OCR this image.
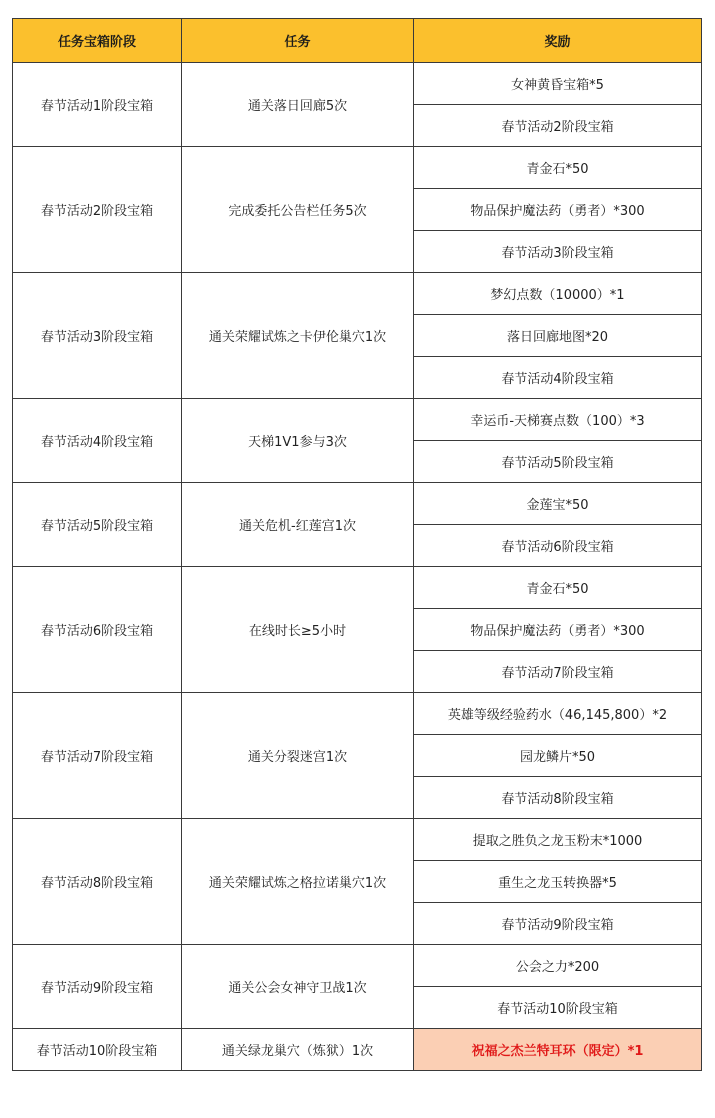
任务宝箱阶段	任务	奖励
春节活动1阶段宝箱	通关落日回廊5次	女神黄昏宝箱*5
		春节活动2阶段宝箱
春节活动2阶段宝箱	完成委托公告栏任务5次	青金石*50
		物品保护魔法药（勇者）*300
		春节活动3阶段宝箱
春节活动3阶段宝箱	通关荣耀试炼之卡伊伦巢穴1次	梦幻点数（10000）*1
		落日回廊地图*20
		春节活动4阶段宝箱
春节活动4阶段宝箱	天梯1V1参与3次	幸运币-天梯赛点数（100）*3
		春节活动5阶段宝箱
春节活动5阶段宝箱	通关危机-红莲宫1次	金莲宝*50
		春节活动6阶段宝箱
春节活动6阶段宝箱	在线时长≥5小时	青金石*50
		物品保护魔法药（勇者）*300
		春节活动7阶段宝箱
春节活动7阶段宝箱	通关分裂迷宫1次	英雄等级经验药水（46,145,800）*2
		园龙鳞片*50
		春节活动8阶段宝箱
春节活动8阶段宝箱	通关荣耀试炼之格拉诺巢穴1次	提取之胜负之龙玉粉末*1000
		重生之龙玉转换器*5
		春节活动9阶段宝箱
春节活动9阶段宝箱	通关公会女神守卫战1次	公会之力*200
		春节活动10阶段宝箱
春节活动10阶段宝箱	通关绿龙巢穴（炼狱）1次	祝福之杰兰特耳环（限定）*1
